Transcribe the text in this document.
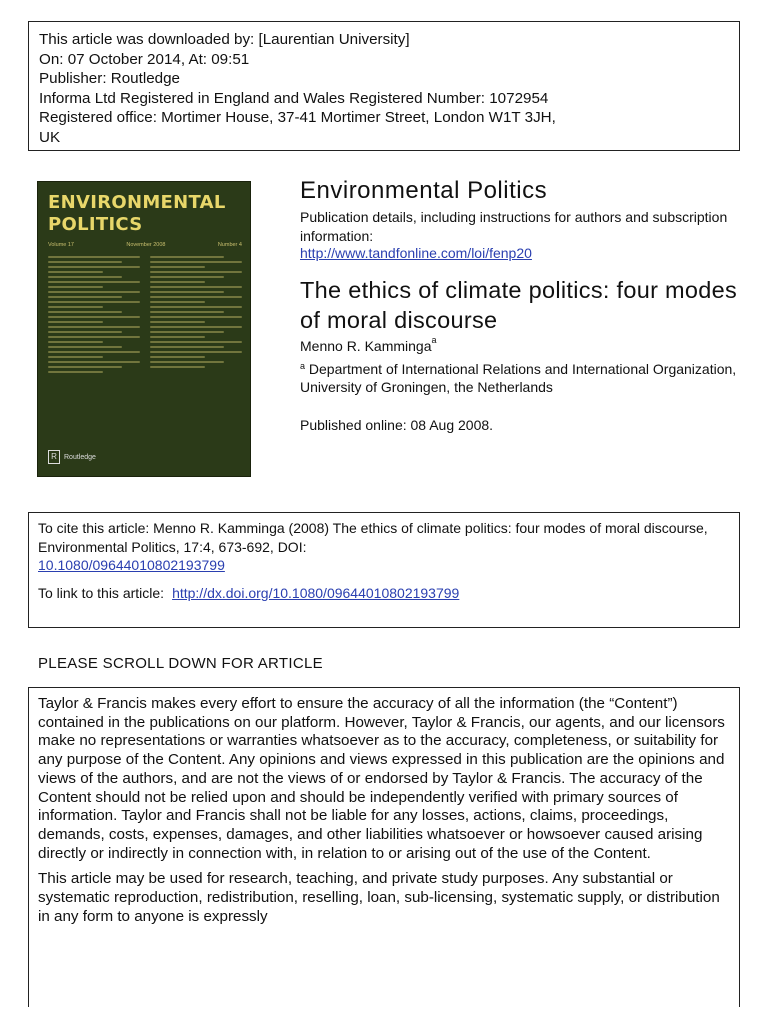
This article was downloaded by: [Laurentian University]
On: 07 October 2014, At: 09:51
Publisher: Routledge
Informa Ltd Registered in England and Wales Registered Number: 1072954
Registered office: Mortimer House, 37-41 Mortimer Street, London W1T 3JH,
UK
ENVIRONMENTAL
POLITICS
Volume 17	November 2008	Number 4
R	Routledge
Environmental Politics
Publication details, including instructions for authors and subscription information:
http://www.tandfonline.com/loi/fenp20
The ethics of climate politics: four modes of moral discourse
Menno R. Kamminga$^a$
$^a$ Department of International Relations and International Organization, University of Groningen, the Netherlands
Published online: 08 Aug 2008.
To cite this article: Menno R. Kamminga (2008) The ethics of climate politics: four modes of moral discourse, Environmental Politics, 17:4, 673-692, DOI:
10.1080/09644010802193799
To link to this article: http://dx.doi.org/10.1080/09644010802193799
PLEASE SCROLL DOWN FOR ARTICLE

Taylor & Francis makes every effort to ensure the accuracy of all the information (the “Content”) contained in the publications on our platform. However, Taylor & Francis, our agents, and our licensors make no representations or warranties whatsoever as to the accuracy, completeness, or suitability for any purpose of the Content. Any opinions and views expressed in this publication are the opinions and views of the authors, and are not the views of or endorsed by Taylor & Francis. The accuracy of the Content should not be relied upon and should be independently verified with primary sources of information. Taylor and Francis shall not be liable for any losses, actions, claims, proceedings, demands, costs, expenses, damages, and other liabilities whatsoever or howsoever caused arising directly or indirectly in connection with, in relation to or arising out of the use of the Content.

This article may be used for research, teaching, and private study purposes. Any substantial or systematic reproduction, redistribution, reselling, loan, sub-licensing, systematic supply, or distribution in any form to anyone is expressly
